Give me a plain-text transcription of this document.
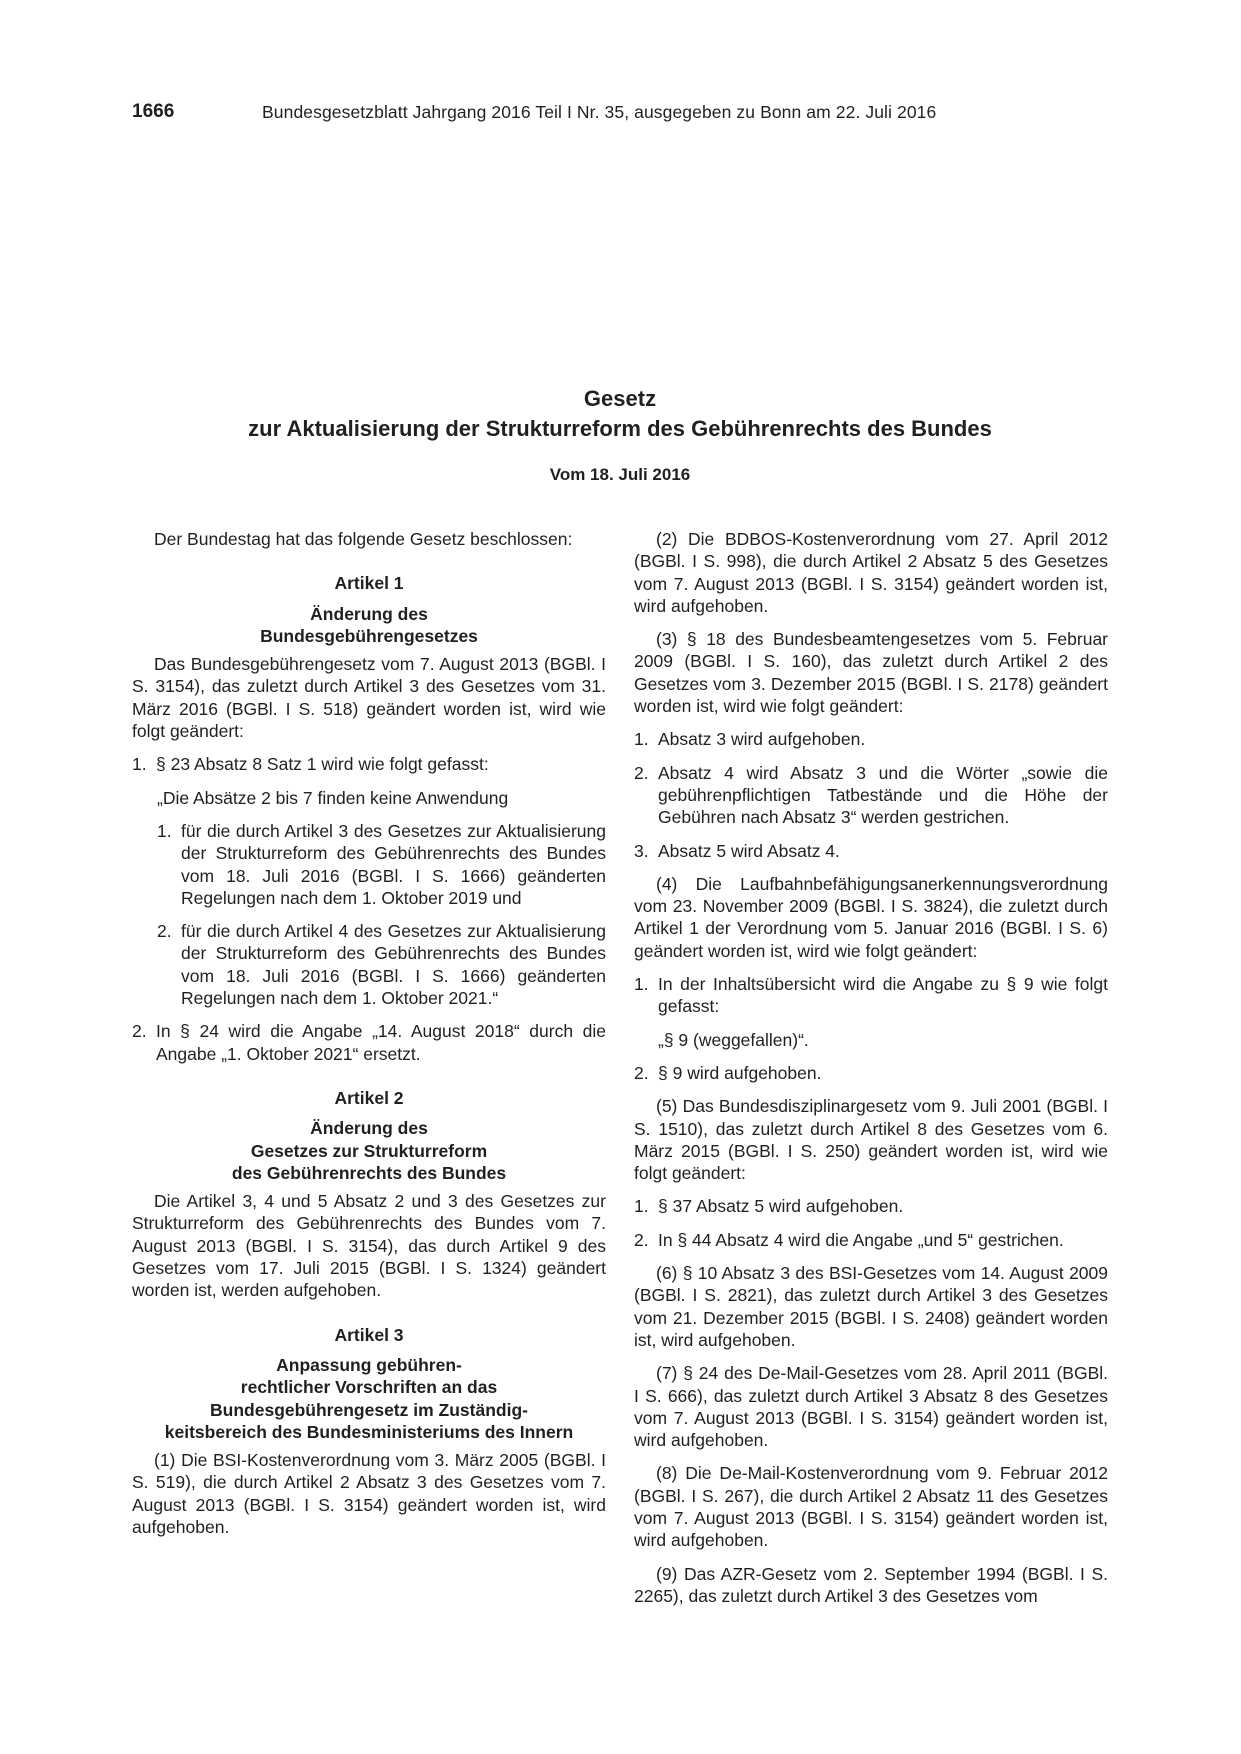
1666	Bundesgesetzblatt Jahrgang 2016 Teil I Nr. 35, ausgegeben zu Bonn am 22. Juli 2016
Gesetz
zur Aktualisierung der Strukturreform des Gebührenrechts des Bundes
Vom 18. Juli 2016

Der Bundestag hat das folgende Gesetz beschlossen:

Artikel 1
Änderung des
Bundesgebührengesetzes

Das Bundesgebührengesetz vom 7. August 2013 (BGBl. I S. 3154), das zuletzt durch Artikel 3 des Gesetzes vom 31. März 2016 (BGBl. I S. 518) geändert worden ist, wird wie folgt geändert:

1. § 23 Absatz 8 Satz 1 wird wie folgt gefasst:
„Die Absätze 2 bis 7 finden keine Anwendung
1. für die durch Artikel 3 des Gesetzes zur Aktualisierung der Strukturreform des Gebührenrechts des Bundes vom 18. Juli 2016 (BGBl. I S. 1666) geänderten Regelungen nach dem 1. Oktober 2019 und
2. für die durch Artikel 4 des Gesetzes zur Aktualisierung der Strukturreform des Gebührenrechts des Bundes vom 18. Juli 2016 (BGBl. I S. 1666) geänderten Regelungen nach dem 1. Oktober 2021.“
2. In § 24 wird die Angabe „14. August 2018“ durch die Angabe „1. Oktober 2021“ ersetzt.
Artikel 2
Änderung des
Gesetzes zur Strukturreform
des Gebührenrechts des Bundes

Die Artikel 3, 4 und 5 Absatz 2 und 3 des Gesetzes zur Strukturreform des Gebührenrechts des Bundes vom 7. August 2013 (BGBl. I S. 3154), das durch Artikel 9 des Gesetzes vom 17. Juli 2015 (BGBl. I S. 1324) geändert worden ist, werden aufgehoben.

Artikel 3
Anpassung gebühren-
rechtlicher Vorschriften an das
Bundesgebührengesetz im Zuständig-
keitsbereich des Bundesministeriums des Innern

(1) Die BSI-Kostenverordnung vom 3. März 2005 (BGBl. I S. 519), die durch Artikel 2 Absatz 3 des Gesetzes vom 7. August 2013 (BGBl. I S. 3154) geändert worden ist, wird aufgehoben.

(2) Die BDBOS-Kostenverordnung vom 27. April 2012 (BGBl. I S. 998), die durch Artikel 2 Absatz 5 des Gesetzes vom 7. August 2013 (BGBl. I S. 3154) geändert worden ist, wird aufgehoben.

(3) § 18 des Bundesbeamtengesetzes vom 5. Februar 2009 (BGBl. I S. 160), das zuletzt durch Artikel 2 des Gesetzes vom 3. Dezember 2015 (BGBl. I S. 2178) geändert worden ist, wird wie folgt geändert:

1. Absatz 3 wird aufgehoben.
2. Absatz 4 wird Absatz 3 und die Wörter „sowie die gebührenpflichtigen Tatbestände und die Höhe der Gebühren nach Absatz 3“ werden gestrichen.
3. Absatz 5 wird Absatz 4.

(4) Die Laufbahnbefähigungsanerkennungsverordnung vom 23. November 2009 (BGBl. I S. 3824), die zuletzt durch Artikel 1 der Verordnung vom 5. Januar 2016 (BGBl. I S. 6) geändert worden ist, wird wie folgt geändert:

1. In der Inhaltsübersicht wird die Angabe zu § 9 wie folgt gefasst:
„§ 9 (weggefallen)“.
2. § 9 wird aufgehoben.

(5) Das Bundesdisziplinargesetz vom 9. Juli 2001 (BGBl. I S. 1510), das zuletzt durch Artikel 8 des Gesetzes vom 6. März 2015 (BGBl. I S. 250) geändert worden ist, wird wie folgt geändert:

1. § 37 Absatz 5 wird aufgehoben.
2. In § 44 Absatz 4 wird die Angabe „und 5“ gestrichen.

(6) § 10 Absatz 3 des BSI-Gesetzes vom 14. August 2009 (BGBl. I S. 2821), das zuletzt durch Artikel 3 des Gesetzes vom 21. Dezember 2015 (BGBl. I S. 2408) geändert worden ist, wird aufgehoben.

(7) § 24 des De-Mail-Gesetzes vom 28. April 2011 (BGBl. I S. 666), das zuletzt durch Artikel 3 Absatz 8 des Gesetzes vom 7. August 2013 (BGBl. I S. 3154) geändert worden ist, wird aufgehoben.

(8) Die De-Mail-Kostenverordnung vom 9. Februar 2012 (BGBl. I S. 267), die durch Artikel 2 Absatz 11 des Gesetzes vom 7. August 2013 (BGBl. I S. 3154) geändert worden ist, wird aufgehoben.

(9) Das AZR-Gesetz vom 2. September 1994 (BGBl. I S. 2265), das zuletzt durch Artikel 3 des Gesetzes vom
